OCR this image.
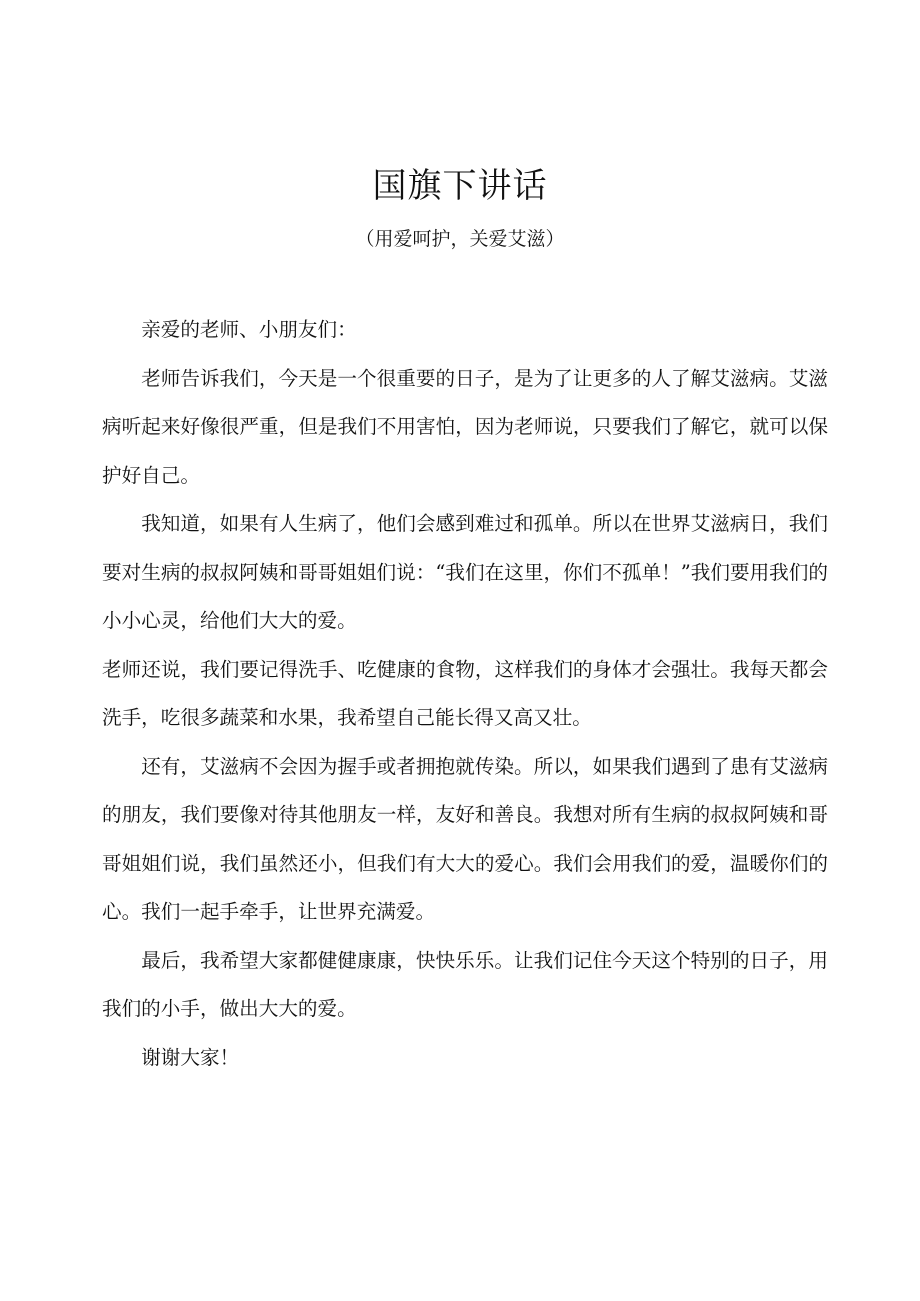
国旗下讲话

（用爱呵护，关爱艾滋）

亲爱的老师、小朋友们：

老师告诉我们，今天是一个很重要的日子，是为了让更多的人了解艾滋病。艾滋病听起来好像很严重，但是我们不用害怕，因为老师说，只要我们了解它，就可以保护好自己。

我知道，如果有人生病了，他们会感到难过和孤单。所以在世界艾滋病日，我们要对生病的叔叔阿姨和哥哥姐姐们说：“我们在这里，你们不孤单！”我们要用我们的小小心灵，给他们大大的爱。

老师还说，我们要记得洗手、吃健康的食物，这样我们的身体才会强壮。我每天都会洗手，吃很多蔬菜和水果，我希望自己能长得又高又壮。

还有，艾滋病不会因为握手或者拥抱就传染。所以，如果我们遇到了患有艾滋病的朋友，我们要像对待其他朋友一样，友好和善良。我想对所有生病的叔叔阿姨和哥哥姐姐们说，我们虽然还小，但我们有大大的爱心。我们会用我们的爱，温暖你们的心。我们一起手牵手，让世界充满爱。

最后，我希望大家都健健康康，快快乐乐。让我们记住今天这个特别的日子，用我们的小手，做出大大的爱。

谢谢大家！
